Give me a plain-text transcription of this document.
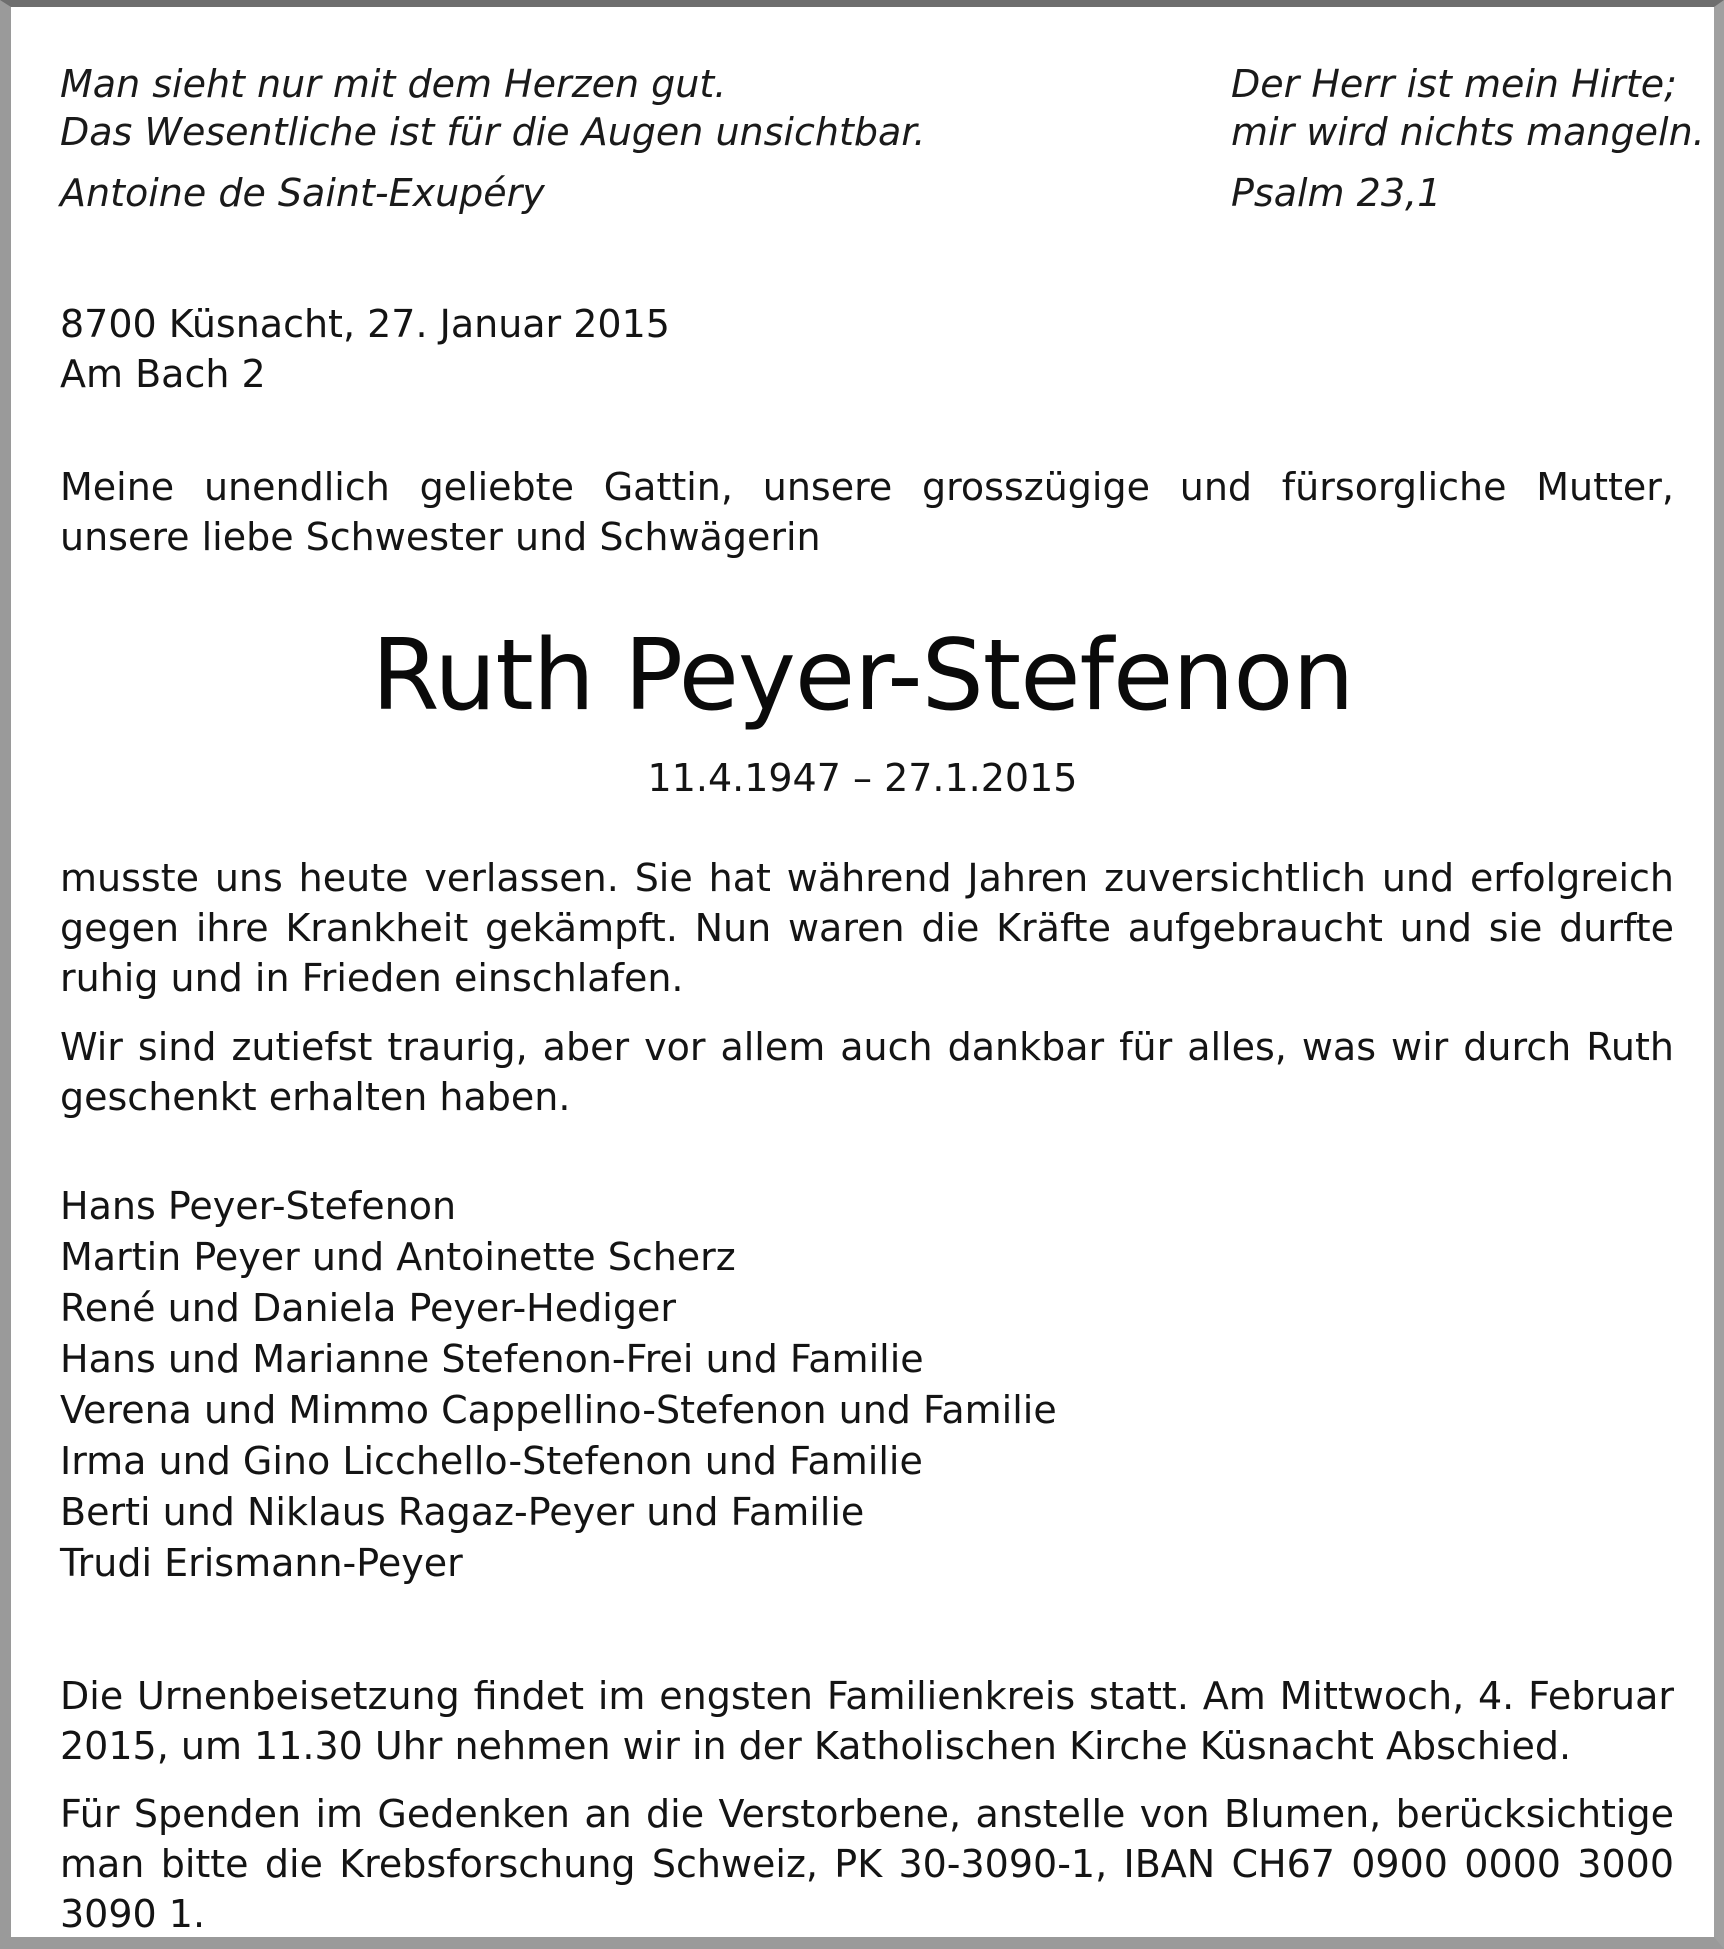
Man sieht nur mit dem Herzen gut.
Das Wesentliche ist für die Augen unsichtbar.
Antoine de Saint-Exupéry
Der Herr ist mein Hirte;
mir wird nichts mangeln.
Psalm 23,1
8700 Küsnacht, 27. Januar 2015
Am Bach 2
Meine unendlich geliebte Gattin, unsere grosszügige und fürsorgliche Mutter, unsere liebe Schwester und Schwägerin
Ruth Peyer-Stefenon
11.4.1947 – 27.1.2015
musste uns heute verlassen. Sie hat während Jahren zuversichtlich und erfolgreich gegen ihre Krankheit gekämpft. Nun waren die Kräfte aufgebraucht und sie durfte ruhig und in Frieden einschlafen.
Wir sind zutiefst traurig, aber vor allem auch dankbar für alles, was wir durch Ruth geschenkt erhalten haben.
Hans Peyer-Stefenon
Martin Peyer und Antoinette Scherz
René und Daniela Peyer-Hediger
Hans und Marianne Stefenon-Frei und Familie
Verena und Mimmo Cappellino-Stefenon und Familie
Irma und Gino Licchello-Stefenon und Familie
Berti und Niklaus Ragaz-Peyer und Familie
Trudi Erismann-Peyer
Die Urnenbeisetzung findet im engsten Familienkreis statt. Am Mittwoch, 4. Februar 2015, um 11.30 Uhr nehmen wir in der Katholischen Kirche Küsnacht Abschied.
Für Spenden im Gedenken an die Verstorbene, anstelle von Blumen, berücksichtige man bitte die Krebsforschung Schweiz, PK 30-3090-1, IBAN CH67 0900 0000 3000 3090 1.
